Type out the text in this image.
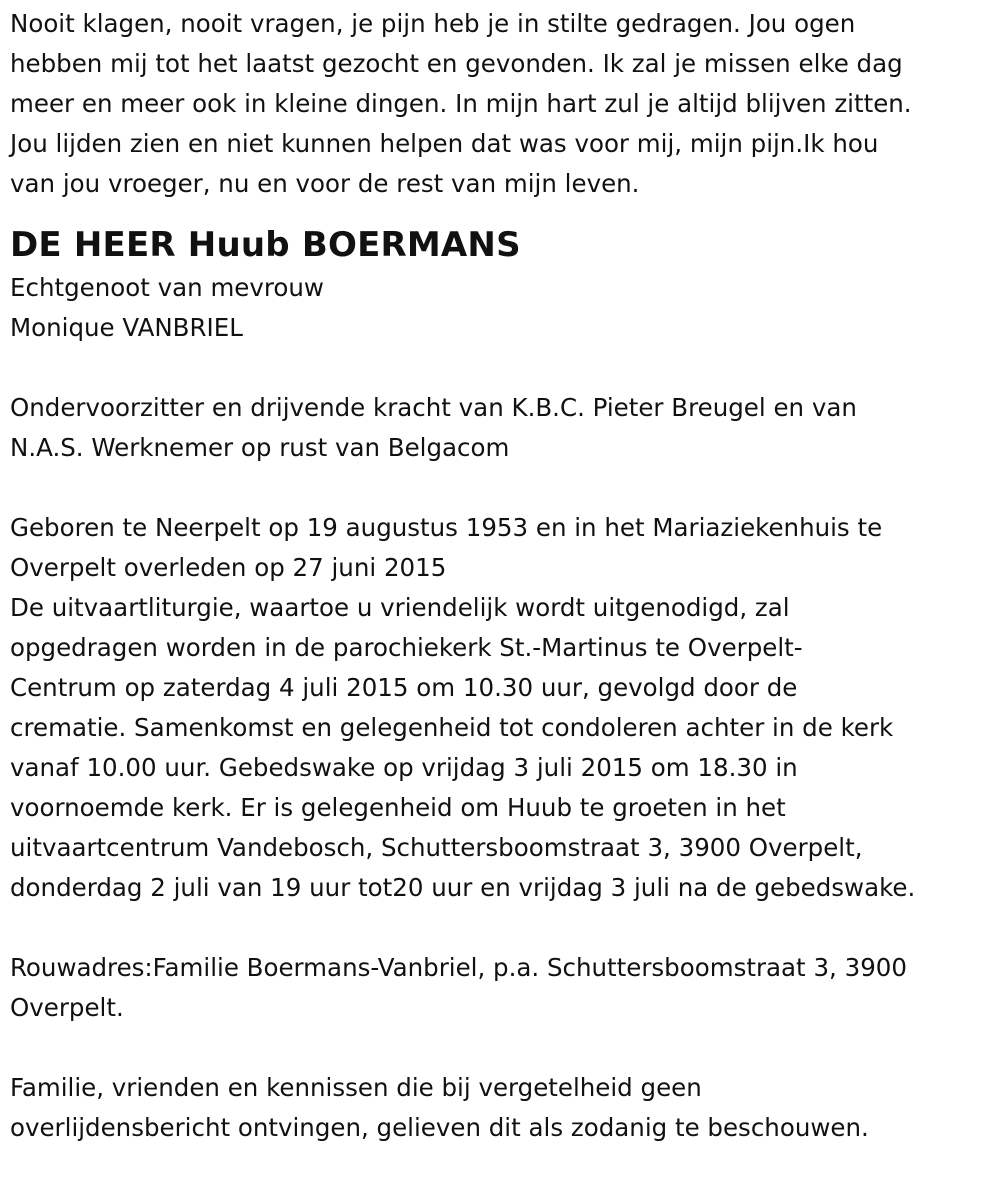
Nooit klagen, nooit vragen, je pijn heb je in stilte gedragen. Jou ogen
hebben mij tot het laatst gezocht en gevonden. Ik zal je missen elke dag
meer en meer ook in kleine dingen. In mijn hart zul je altijd blijven zitten.
Jou lijden zien en niet kunnen helpen dat was voor mij, mijn pijn.Ik hou
van jou vroeger, nu en voor de rest van mijn leven.

DE HEER Huub BOERMANS

Echtgenoot van mevrouw
Monique VANBRIEL

Ondervoorzitter en drijvende kracht van K.B.C. Pieter Breugel en van
N.A.S. Werknemer op rust van Belgacom

Geboren te Neerpelt op 19 augustus 1953 en in het Mariaziekenhuis te
Overpelt overleden op 27 juni 2015
De uitvaartliturgie, waartoe u vriendelijk wordt uitgenodigd, zal
opgedragen worden in de parochiekerk St.-Martinus te Overpelt-
Centrum op zaterdag 4 juli 2015 om 10.30 uur, gevolgd door de
crematie. Samenkomst en gelegenheid tot condoleren achter in de kerk
vanaf 10.00 uur. Gebedswake op vrijdag 3 juli 2015 om 18.30 in
voornoemde kerk. Er is gelegenheid om Huub te groeten in het
uitvaartcentrum Vandebosch, Schuttersboomstraat 3, 3900 Overpelt,
donderdag 2 juli van 19 uur tot20 uur en vrijdag 3 juli na de gebedswake.

Rouwadres:Familie Boermans-Vanbriel, p.a. Schuttersboomstraat 3, 3900
Overpelt.

Familie, vrienden en kennissen die bij vergetelheid geen
overlijdensbericht ontvingen, gelieven dit als zodanig te beschouwen.
